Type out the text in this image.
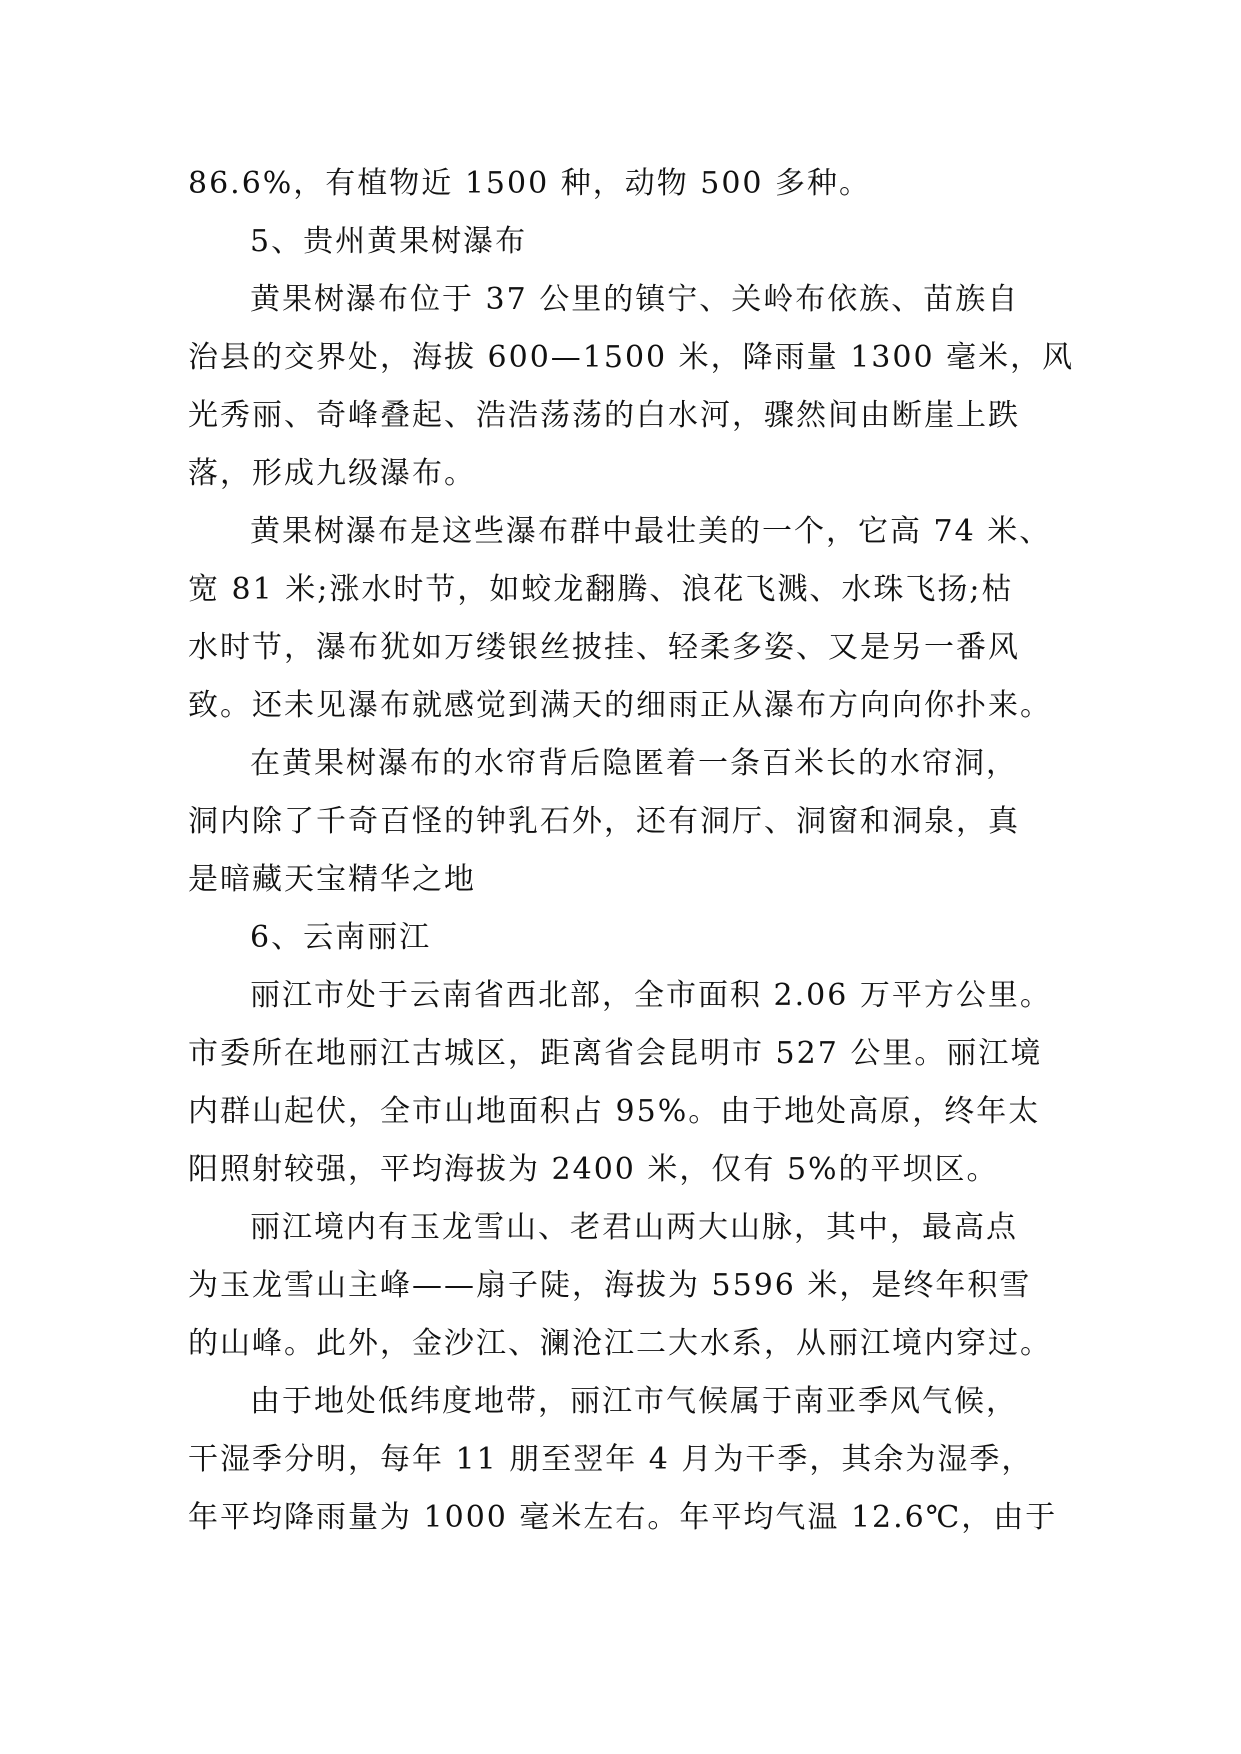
86.6%，有植物近 1500 种，动物 500 多种。
5、贵州黄果树瀑布
黄果树瀑布位于 37 公里的镇宁、关岭布依族、苗族自
治县的交界处，海拔 600—1500 米，降雨量 1300 毫米，风
光秀丽、奇峰叠起、浩浩荡荡的白水河，骤然间由断崖上跌
落，形成九级瀑布。
黄果树瀑布是这些瀑布群中最壮美的一个，它高 74 米、
宽 81 米;涨水时节，如蛟龙翻腾、浪花飞溅、水珠飞扬;枯
水时节，瀑布犹如万缕银丝披挂、轻柔多姿、又是另一番风
致。还未见瀑布就感觉到满天的细雨正从瀑布方向向你扑来。
在黄果树瀑布的水帘背后隐匿着一条百米长的水帘洞，
洞内除了千奇百怪的钟乳石外，还有洞厅、洞窗和洞泉，真
是暗藏天宝精华之地
6、云南丽江
丽江市处于云南省西北部，全市面积 2.06 万平方公里。
市委所在地丽江古城区，距离省会昆明市 527 公里。丽江境
内群山起伏，全市山地面积占 95%。由于地处高原，终年太
阳照射较强，平均海拔为 2400 米，仅有 5%的平坝区。
丽江境内有玉龙雪山、老君山两大山脉，其中，最高点
为玉龙雪山主峰——扇子陡，海拔为 5596 米，是终年积雪
的山峰。此外，金沙江、澜沧江二大水系，从丽江境内穿过。
由于地处低纬度地带，丽江市气候属于南亚季风气候，
干湿季分明，每年 11 朋至翌年 4 月为干季，其余为湿季，
年平均降雨量为 1000 毫米左右。年平均气温 12.6℃，由于
